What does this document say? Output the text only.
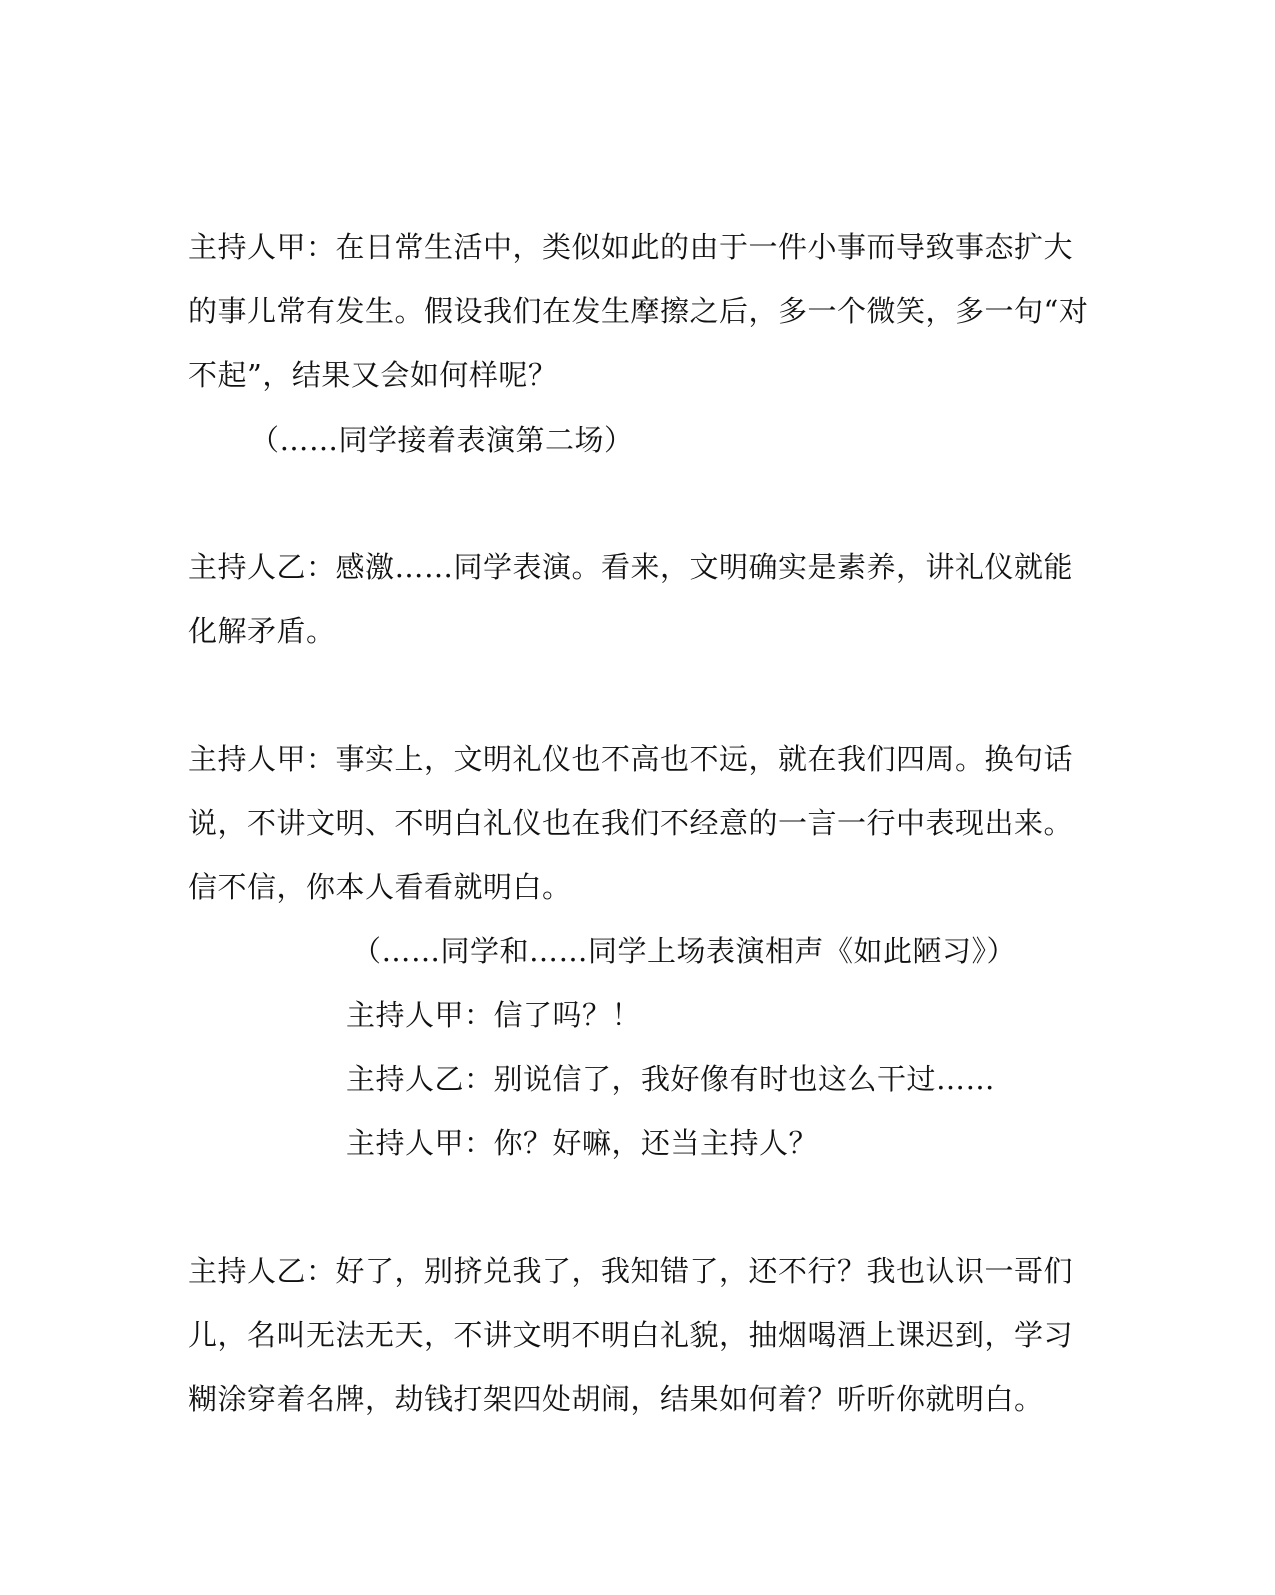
主持人甲：在日常生活中，类似如此的由于一件小事而导致事态扩大
的事儿常有发生。假设我们在发生摩擦之后，多一个微笑，多一句“对
不起”，结果又会如何样呢？
（……同学接着表演第二场）
主持人乙：感激……同学表演。看来，文明确实是素养，讲礼仪就能
化解矛盾。
主持人甲：事实上，文明礼仪也不高也不远，就在我们四周。换句话
说，不讲文明、不明白礼仪也在我们不经意的一言一行中表现出来。
信不信，你本人看看就明白。
（……同学和……同学上场表演相声《如此陋习》）
主持人甲：信了吗？！
主持人乙：别说信了，我好像有时也这么干过……
主持人甲：你？好嘛，还当主持人？
主持人乙：好了，别挤兑我了，我知错了，还不行？我也认识一哥们
儿，名叫无法无天，不讲文明不明白礼貌，抽烟喝酒上课迟到，学习
糊涂穿着名牌，劫钱打架四处胡闹，结果如何着？听听你就明白。
